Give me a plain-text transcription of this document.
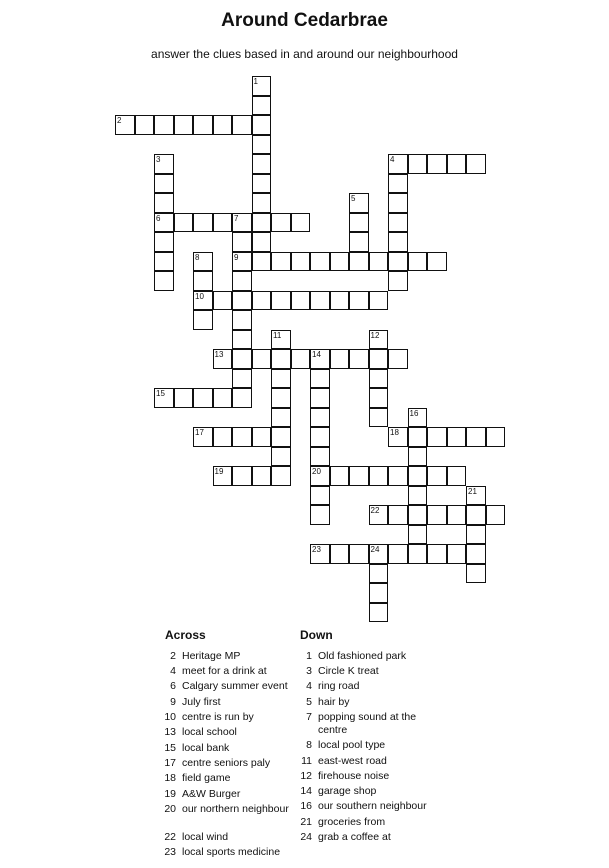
Around Cedarbrae
answer the clues based in and around our neighbourhood
2
4
6	7
9
10
13	14
15
17	18
19	20
22
23	24
1
3
5
8
11	12
16
21
Across	Down
2 Heritage MP
4 meet for a drink at
6 Calgary summer event
9 July first
10 centre is run by
13 local school
15 local bank
17 centre seniors paly
18 field game
19 A&W Burger
20 our northern neighbour
22 local wind
23 local sports medicine
1 Old fashioned park
3 Circle K treat
4 ring road
5 hair by
7 popping sound at the centre
8 local pool type
11 east-west road
12 firehouse noise
14 garage shop
16 our southern neighbour
21 groceries from
24 grab a coffee at
